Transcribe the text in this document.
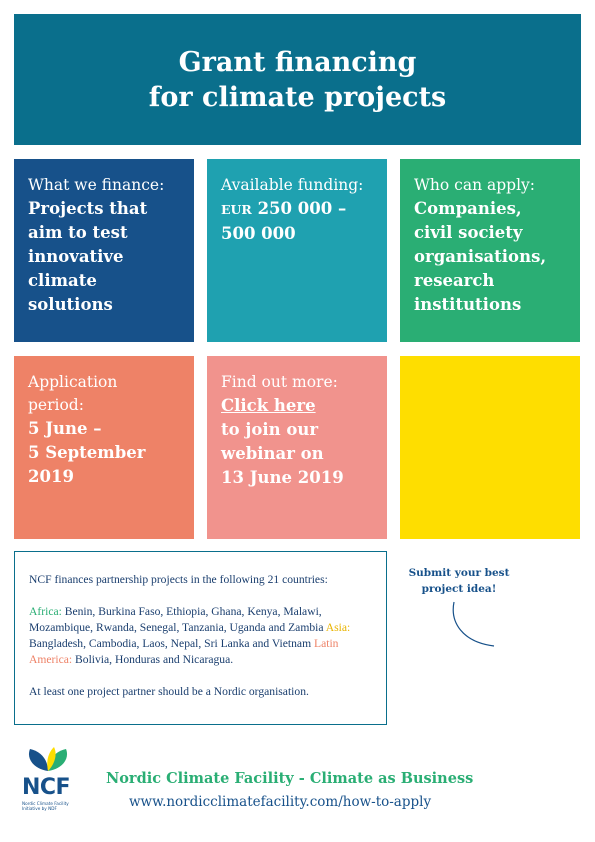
Grant financing
for climate projects
What we finance:
Projects that
aim to test
innovative
climate
solutions
Available funding:
EUR 250 000 –
500 000
Who can apply:
Companies,
civil society
organisations,
research
institutions
Application
period:
5 June –
5 September
2019
Find out more:
Click here
to join our
webinar on
13 June 2019

NCF finances partnership projects in the following 21 countries:

Africa: Benin, Burkina Faso, Ethiopia, Ghana, Kenya, Malawi, Mozambique, Rwanda, Senegal, Tanzania, Uganda and Zambia Asia: Bangladesh, Cambodia, Laos, Nepal, Sri Lanka and Vietnam Latin America: Bolivia, Honduras and Nicaragua.

At least one project partner should be a Nordic organisation.

Submit your best
project idea!
NCF
Nordic Climate Facility
Initiative by NDF
Nordic Climate Facility - Climate as Business
www.nordicclimatefacility.com/how-to-apply
